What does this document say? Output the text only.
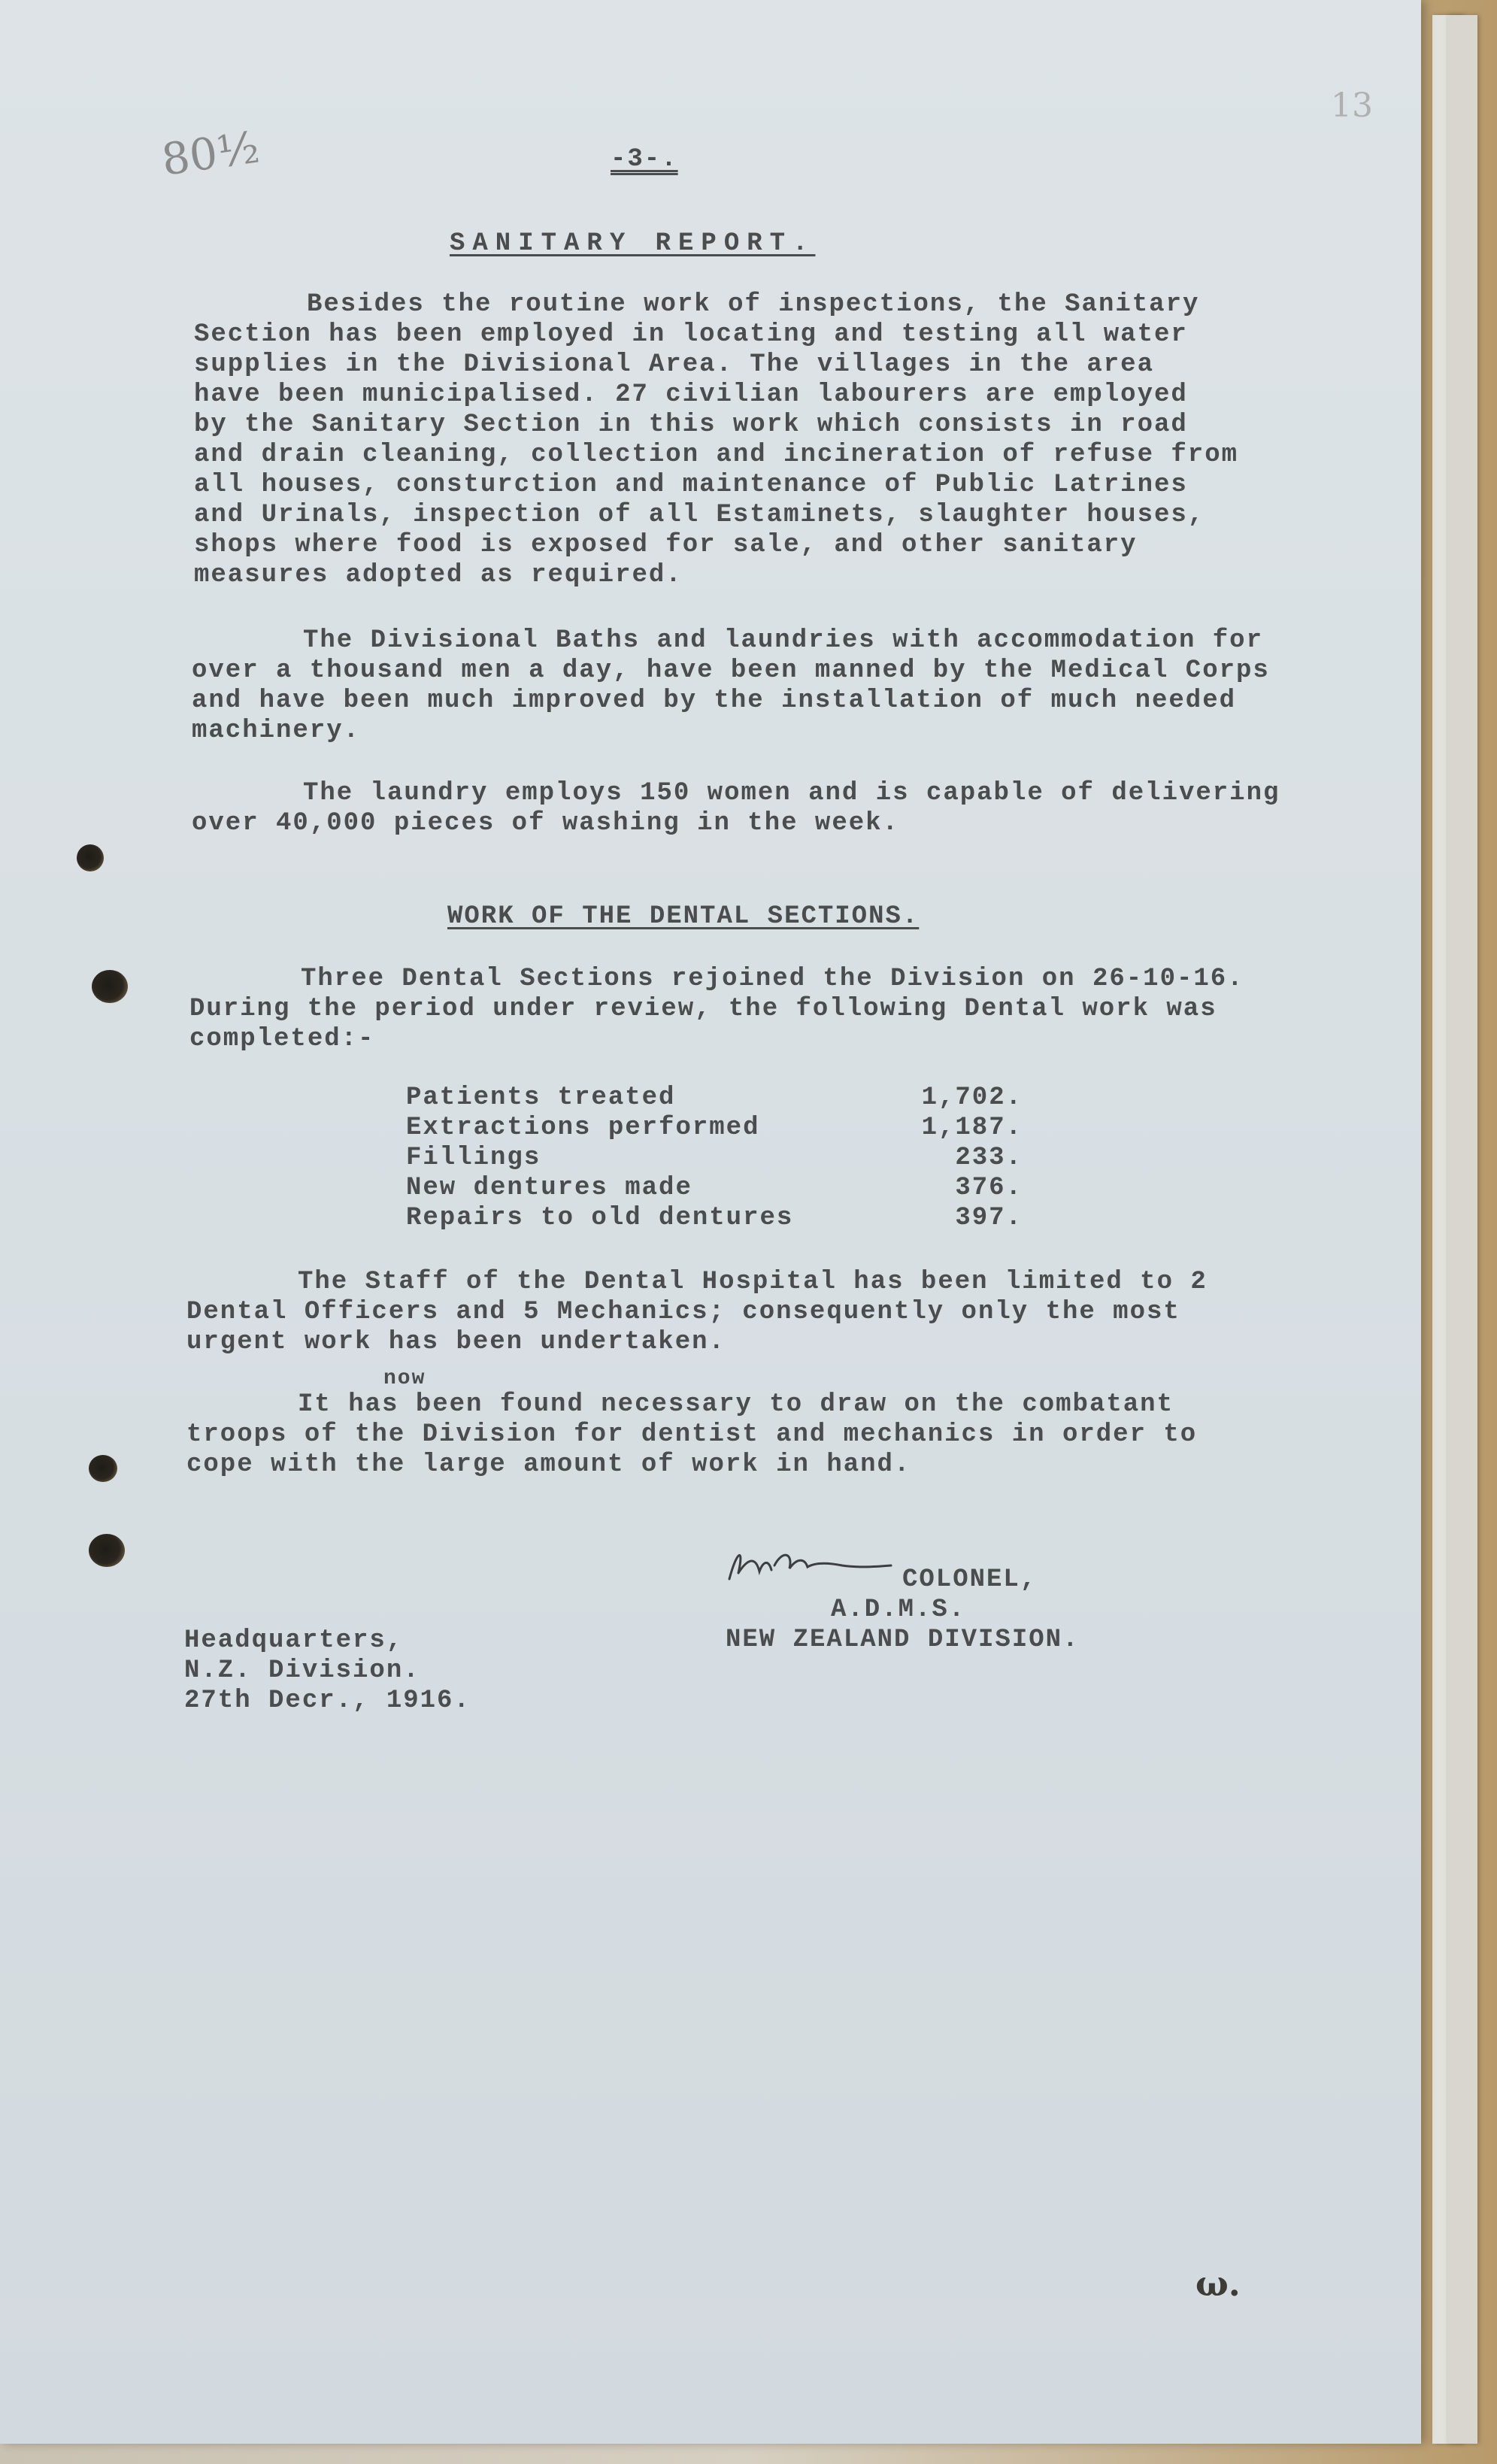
80½
13
-3-.
SANITARY REPORT.
Besides the routine work of inspections, the Sanitary
Section has been employed in locating and testing all water
supplies in the Divisional Area. The villages in the area
have been municipalised. 27 civilian labourers are employed
by the Sanitary Section in this work which consists in road
and drain cleaning, collection and incineration of refuse from
all houses, consturction and maintenance of Public Latrines
and Urinals, inspection of all Estaminets, slaughter houses,
shops where food is exposed for sale, and other sanitary
measures adopted as required.
The Divisional Baths and laundries with accommodation for
over a thousand men a day, have been manned by the Medical Corps
and have been much improved by the installation of much needed
machinery.
The laundry employs 150 women and is capable of delivering
over 40,000 pieces of washing in the week.
WORK OF THE DENTAL SECTIONS.
Three Dental Sections rejoined the Division on 26-10-16.
During the period under review, the following Dental work was
completed:-
Patients treated	1,702.
Extractions performed	1,187.
Fillings	233.
New dentures made	376.
Repairs to old dentures	397.
The Staff of the Dental Hospital has been limited to 2
Dental Officers and 5 Mechanics; consequently only the most
urgent work has been undertaken.
now
It has been found necessary to draw on the combatant
troops of the Division for dentist and mechanics in order to
cope with the large amount of work in hand.
COLONEL,
A.D.M.S.
NEW ZEALAND DIVISION.
Headquarters,
N.Z. Division.
27th Decr., 1916.
ω.
